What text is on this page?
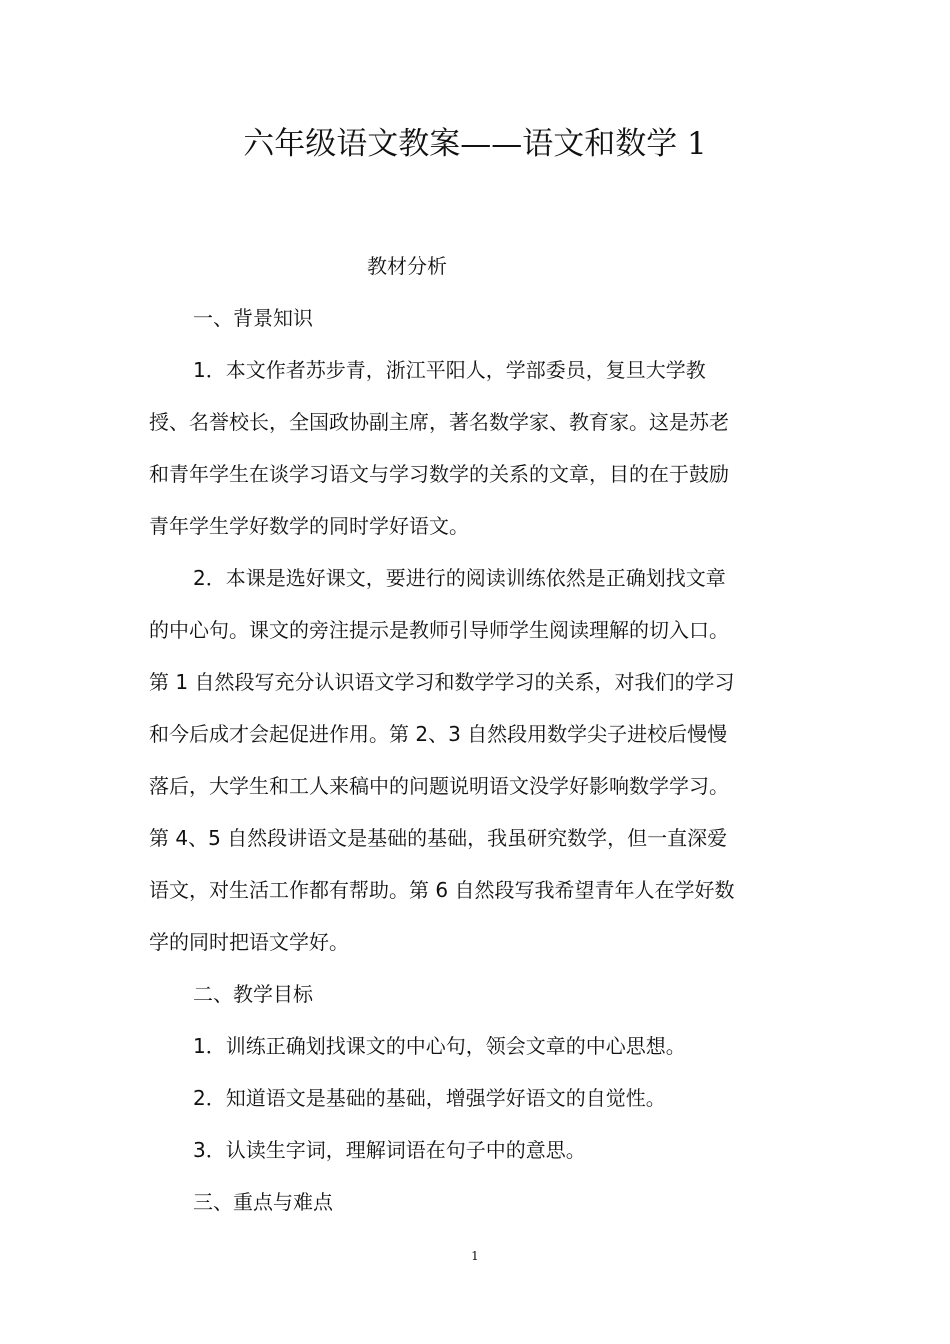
六年级语文教案——语文和数学 1
教材分析
一、背景知识
1．本文作者苏步青，浙江平阳人，学部委员，复旦大学教
授、名誉校长，全国政协副主席，著名数学家、教育家。这是苏老
和青年学生在谈学习语文与学习数学的关系的文章，目的在于鼓励
青年学生学好数学的同时学好语文。
2．本课是选好课文，要进行的阅读训练依然是正确划找文章
的中心句。课文的旁注提示是教师引导师学生阅读理解的切入口。
第 1 自然段写充分认识语文学习和数学学习的关系，对我们的学习
和今后成才会起促进作用。第 2、3 自然段用数学尖子进校后慢慢
落后，大学生和工人来稿中的问题说明语文没学好影响数学学习。
第 4、5 自然段讲语文是基础的基础，我虽研究数学，但一直深爱
语文，对生活工作都有帮助。第 6 自然段写我希望青年人在学好数
学的同时把语文学好。
二、教学目标
1．训练正确划找课文的中心句，领会文章的中心思想。
2．知道语文是基础的基础，增强学好语文的自觉性。
3．认读生字词，理解词语在句子中的意思。
三、重点与难点
1
